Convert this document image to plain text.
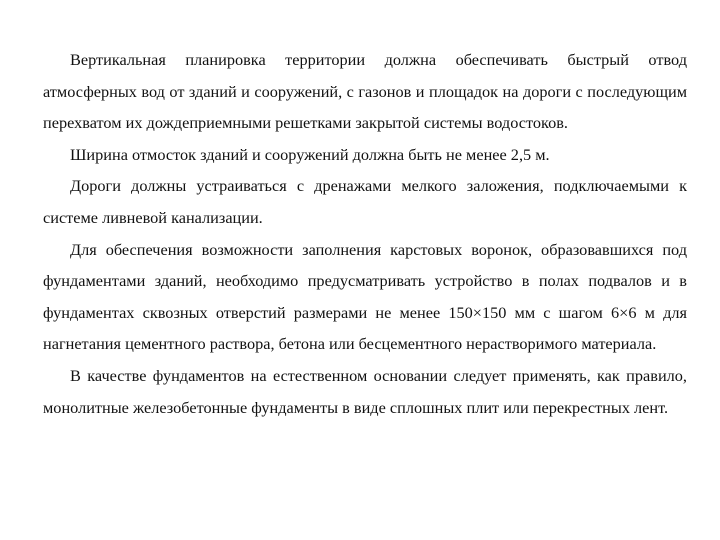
Вертикальная планировка территории должна обеспечивать быстрый отвод атмосферных вод от зданий и сооружений, с газонов и площадок на дороги с последующим перехватом их дождеприемными решетками закрытой системы водостоков.

Ширина отмосток зданий и сооружений должна быть не менее 2,5 м.

Дороги должны устраиваться с дренажами мелкого заложения, подключаемыми к системе ливневой канализации.

Для обеспечения возможности заполнения карстовых воронок, образовавшихся под фундаментами зданий, необходимо предусматривать устройство в полах подвалов и в фундаментах сквозных отверстий размерами не менее 150×150 мм с шагом 6×6 м для нагнетания цементного раствора, бетона или бесцементного нерастворимого материала.

В качестве фундаментов на естественном основании следует применять, как правило, монолитные железобетонные фундаменты в виде сплошных плит или перекрестных лент.
